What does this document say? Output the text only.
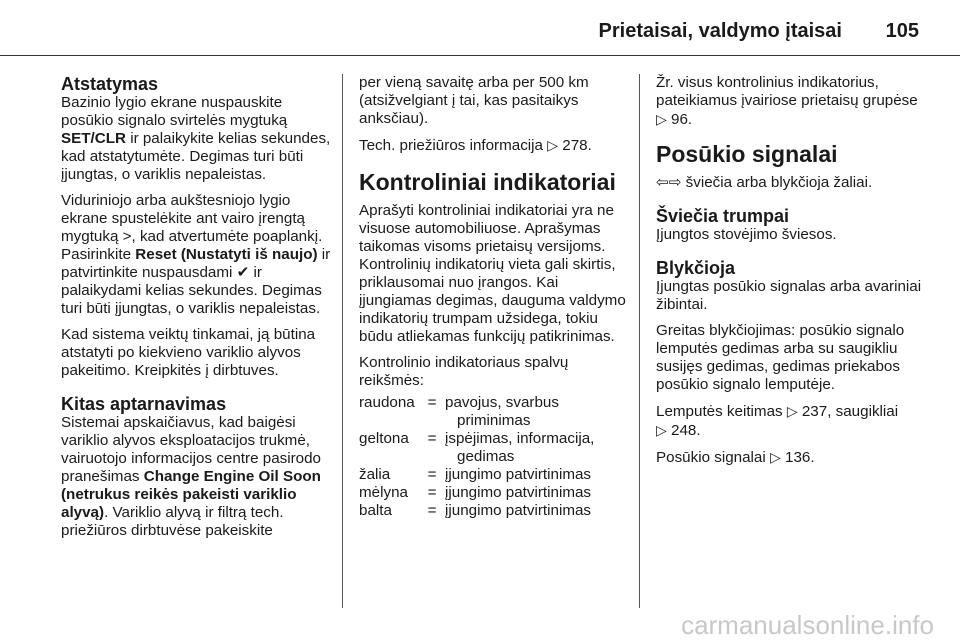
Prietaisai, valdymo įtaisai 105
Atstatymas

Bazinio lygio ekrane nuspauskite posūkio signalo svirtelės mygtuką SET/CLR ir palaikykite kelias sekundes, kad atstatytumėte. Degimas turi būti įjungtas, o variklis nepaleistas.

Viduriniojo arba aukštesniojo lygio ekrane spustelėkite ant vairo įrengtą mygtuką >, kad atvertumėte poaplankį. Pasirinkite Reset (Nustatyti iš naujo) ir patvirtinkite nuspausdami ✔ ir palaikydami kelias sekundes. Degimas turi būti įjungtas, o variklis nepaleistas.

Kad sistema veiktų tinkamai, ją būtina atstatyti po kiekvieno variklio alyvos pakeitimo. Kreipkitės į dirbtuves.

Kitas aptarnavimas

Sistemai apskaičiavus, kad baigėsi variklio alyvos eksploatacijos trukmė, vairuotojo informacijos centre pasirodo pranešimas Change Engine Oil Soon (netrukus reikės pakeisti variklio alyvą). Variklio alyvą ir filtrą tech. priežiūros dirbtuvėse pakeiskite

per vieną savaitę arba per 500 km (atsižvelgiant į tai, kas pasitaikys anksčiau).

Tech. priežiūros informacija ▷ 278.

Kontroliniai indikatoriai

Aprašyti kontroliniai indikatoriai yra ne visuose automobiliuose. Aprašymas taikomas visoms prietaisų versijoms. Kontrolinių indikatorių vieta gali skirtis, priklausomai nuo įrangos. Kai įjungiamas degimas, dauguma valdymo indikatorių trumpam užsidega, tokiu būdu atliekamas funkcijų patikrinimas.

Kontrolinio indikatoriaus spalvų reikšmės:

raudona	=	pavojus, svarbus
priminimas

geltona	=	įspėjimas, informacija,
gedimas

žalia	=	įjungimo patvirtinimas

mėlyna	=	įjungimo patvirtinimas

balta	=	įjungimo patvirtinimas

Žr. visus kontrolinius indikatorius, pateikiamus įvairiose prietaisų grupėse ▷ 96.

Posūkio signalai

⇦⇨ šviečia arba blykčioja žaliai.

Šviečia trumpai

Įjungtos stovėjimo šviesos.

Blykčioja

Įjungtas posūkio signalas arba avariniai žibintai.

Greitas blykčiojimas: posūkio signalo lemputės gedimas arba su saugikliu susijęs gedimas, gedimas priekabos posūkio signalo lemputėje.

Lemputės keitimas ▷ 237, saugikliai
▷ 248.

Posūkio signalai ▷ 136.

carmanualsonline.info
